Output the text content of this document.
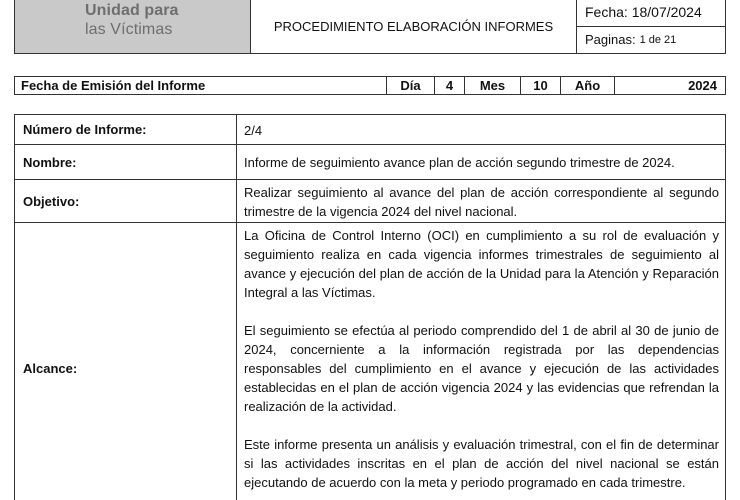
Unidad para
las Víctimas	PROCEDIMIENTO ELABORACIÓN INFORMES
Fecha: 18/07/2024
Paginas: 1 de 21
Fecha de Emisión del Informe	Día	4	Mes	10	Año	2024
Número de Informe:	2/4
Nombre:	Informe de seguimiento avance plan de acción segundo trimestre de 2024.
Objetivo:
Realizar seguimiento al avance del plan de acción correspondiente al segundo trimestre de la vigencia 2024 del nivel nacional.
Alcance:

La Oficina de Control Interno (OCI) en cumplimiento a su rol de evaluación y seguimiento realiza en cada vigencia informes trimestrales de seguimiento al avance y ejecución del plan de acción de la Unidad para la Atención y Reparación Integral a las Víctimas.

El seguimiento se efectúa al periodo comprendido del 1 de abril al 30 de junio de 2024, concerniente a la información registrada por las dependencias responsables del cumplimiento en el avance y ejecución de las actividades establecidas en el plan de acción vigencia 2024 y las evidencias que refrendan la realización de la actividad.

Este informe presenta un análisis y evaluación trimestral, con el fin de determinar si las actividades inscritas en el plan de acción del nivel nacional se están ejecutando de acuerdo con la meta y periodo programado en cada trimestre.
